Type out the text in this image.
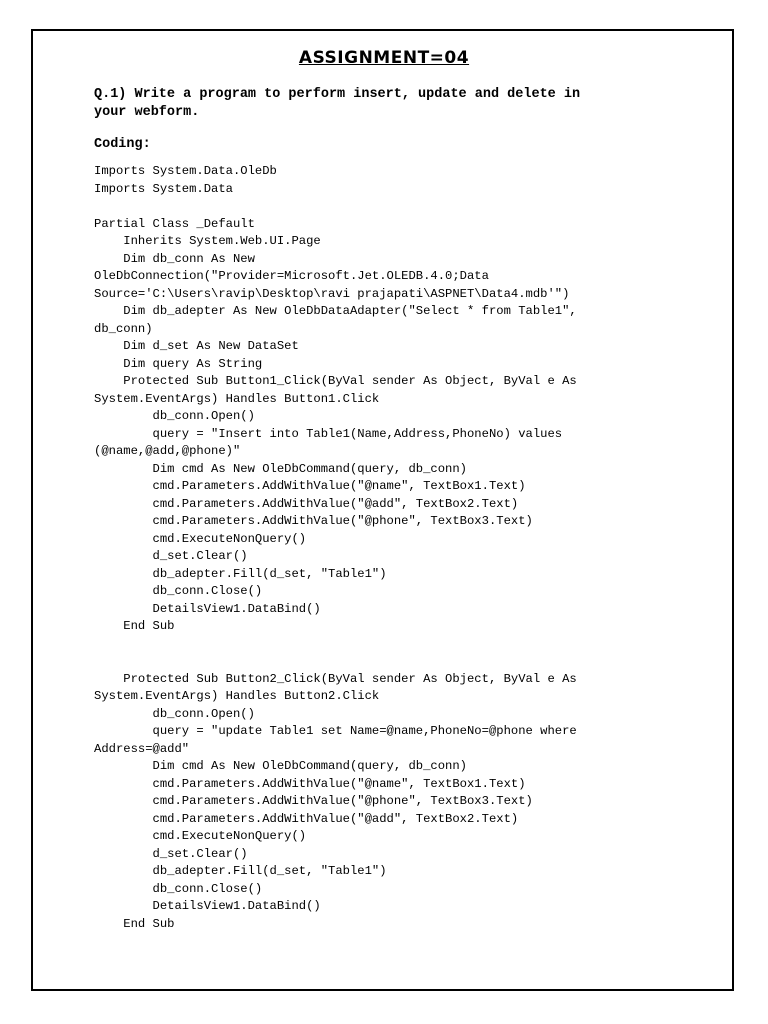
ASSIGNMENT=04

Q.1) Write a program to perform insert, update and delete in
your webform.

Coding:

Imports System.Data.OleDb
Imports System.Data
Partial Class _Default
Inherits System.Web.UI.Page
Dim db_conn As New
OleDbConnection("Provider=Microsoft.Jet.OLEDB.4.0;Data
Source='C:\Users\ravip\Desktop\ravi prajapati\ASPNET\Data4.mdb'")
Dim db_adepter As New OleDbDataAdapter("Select * from Table1",
db_conn)
Dim d_set As New DataSet
Dim query As String
Protected Sub Button1_Click(ByVal sender As Object, ByVal e As
System.EventArgs) Handles Button1.Click
db_conn.Open()
query = "Insert into Table1(Name,Address,PhoneNo) values
(@name,@add,@phone)"
Dim cmd As New OleDbCommand(query, db_conn)
cmd.Parameters.AddWithValue("@name", TextBox1.Text)
cmd.Parameters.AddWithValue("@add", TextBox2.Text)
cmd.Parameters.AddWithValue("@phone", TextBox3.Text)
cmd.ExecuteNonQuery()
d_set.Clear()
db_adepter.Fill(d_set, "Table1")
db_conn.Close()
DetailsView1.DataBind()
End Sub
Protected Sub Button2_Click(ByVal sender As Object, ByVal e As
System.EventArgs) Handles Button2.Click
db_conn.Open()
query = "update Table1 set Name=@name,PhoneNo=@phone where
Address=@add"
Dim cmd As New OleDbCommand(query, db_conn)
cmd.Parameters.AddWithValue("@name", TextBox1.Text)
cmd.Parameters.AddWithValue("@phone", TextBox3.Text)
cmd.Parameters.AddWithValue("@add", TextBox2.Text)
cmd.ExecuteNonQuery()
d_set.Clear()
db_adepter.Fill(d_set, "Table1")
db_conn.Close()
DetailsView1.DataBind()
End Sub
